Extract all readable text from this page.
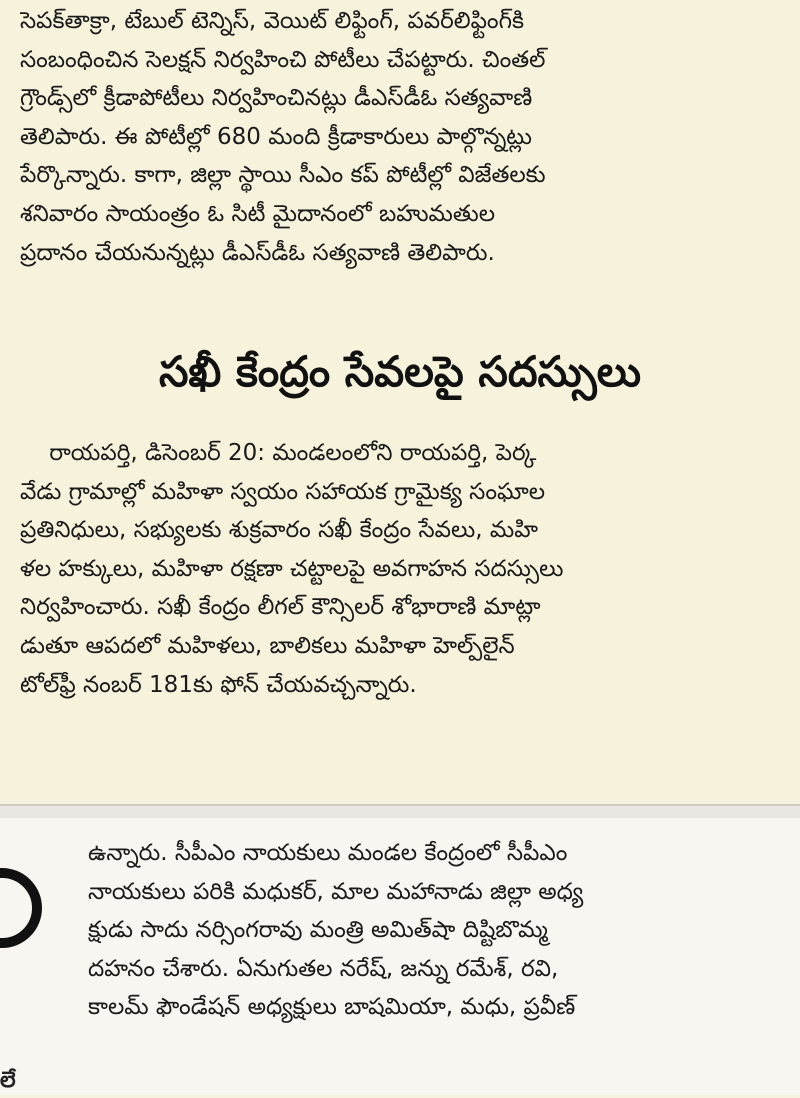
సెపక్‌తాక్రా, టేబుల్ టెన్నిస్, వెయిట్ లిఫ్టింగ్, పవర్‌లిఫ్టింగ్‌కి
సంబంధించిన సెలక్షన్ నిర్వహించి పోటీలు చేపట్టారు. చింతల్
గ్రౌండ్స్‌లో క్రీడాపోటీలు నిర్వహించినట్లు డీఎస్‌డీఓ సత్యవాణి
తెలిపారు. ఈ పోటీల్లో 680 మంది క్రీడాకారులు పాల్గొన్నట్లు
పేర్కొన్నారు. కాగా, జిల్లా స్థాయి సీఎం కప్ పోటీల్లో విజేతలకు
శనివారం సాయంత్రం ఓ సిటీ మైదానంలో బహుమతుల
ప్రదానం చేయనున్నట్లు డీఎస్‌డీఓ సత్యవాణి తెలిపారు.
సఖీ కేంద్రం సేవలపై సదస్సులు
రాయపర్తి, డిసెంబర్ 20: మండలంలోని రాయపర్తి, పెర్క
వేడు గ్రామాల్లో మహిళా స్వయం సహాయక గ్రామైక్య సంఘాల
ప్రతినిధులు, సభ్యులకు శుక్రవారం సఖీ కేంద్రం సేవలు, మహి
ళల హక్కులు, మహిళా రక్షణా చట్టాలపై అవగాహన సదస్సులు
నిర్వహించారు. సఖీ కేంద్రం లీగల్ కౌన్సిలర్ శోభారాణి మాట్లా
డుతూ ఆపదలో మహిళలు, బాలికలు మహిళా హెల్ప్‌లైన్
టోల్‌ఫ్రీ నంబర్ 181కు ఫోన్ చేయవచ్చన్నారు.
ఉన్నారు. సీపీఎం నాయకులు మండల కేంద్రంలో సీపీఎం
నాయకులు పరికి మధుకర్, మాల మహానాడు జిల్లా అధ్య
క్షుడు సాదు నర్సింగరావు మంత్రి అమిత్‌షా దిష్టిబొమ్మ
దహనం చేశారు. ఏనుగుతల నరేష్, జన్ను రమేశ్, రవి,
కాలమ్ ఫౌండేషన్ అధ్యక్షులు బాషమియా, మధు, ప్రవీణ్
లే
